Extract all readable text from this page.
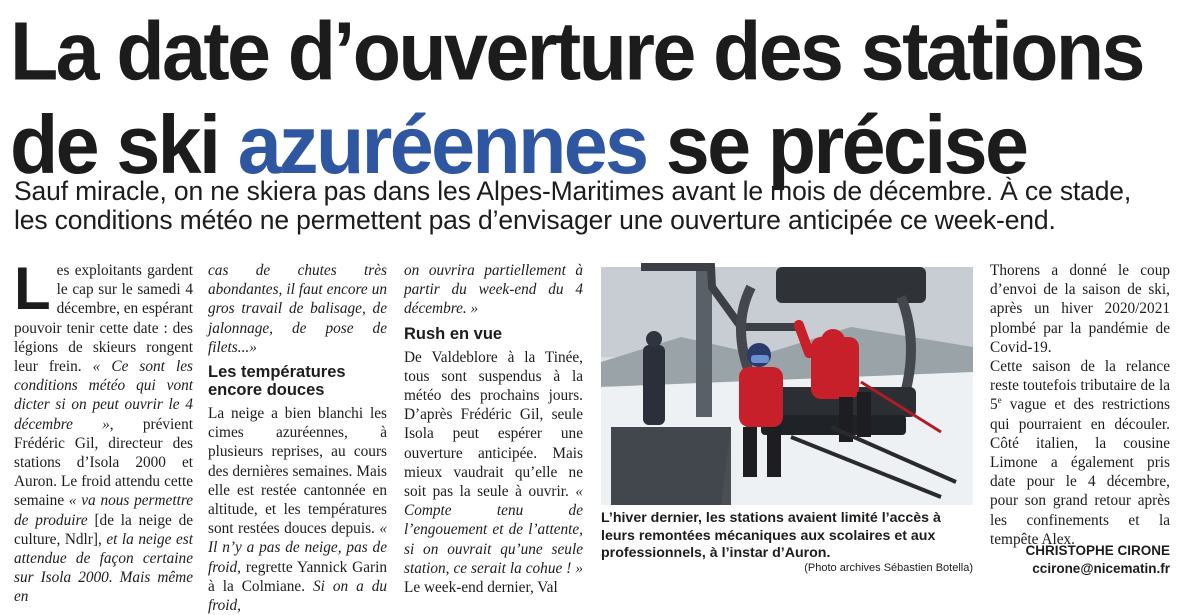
La date d’ouverture des stations
de ski azuréennes se précise
Sauf miracle, on ne skiera pas dans les Alpes-Maritimes avant le mois de décembre. À ce stade, les conditions météo ne permettent pas d’envisager une ouverture anticipée ce week-end.

Les exploitants gardent le cap sur le samedi 4 décembre, en espérant pouvoir tenir cette date : des légions de skieurs rongent leur frein. « Ce sont les conditions météo qui vont dicter si on peut ouvrir le 4 décembre », prévient Frédéric Gil, directeur des stations d’Isola 2000 et Auron. Le froid attendu cette semaine « va nous permettre de produire [de la neige de culture, Ndlr], et la neige est attendue de façon certaine sur Isola 2000. Mais même en

cas de chutes très abondantes, il faut encore un gros travail de balisage, de jalonnage, de pose de filets...»

Les températures encore douces

La neige a bien blanchi les cimes azuréennes, à plusieurs reprises, au cours des dernières semaines. Mais elle est restée cantonnée en altitude, et les températures sont restées douces depuis. « Il n’y a pas de neige, pas de froid, regrette Yannick Garin à la Colmiane. Si on a du froid,

on ouvrira partiellement à partir du week-end du 4 décembre. »

Rush en vue

De Valdeblore à la Tinée, tous sont suspendus à la météo des prochains jours. D’après Frédéric Gil, seule Isola peut espérer une ouverture anticipée. Mais mieux vaudrait qu’elle ne soit pas la seule à ouvrir. « Compte tenu de l’engouement et de l’attente, si on ouvrait qu’une seule station, ce serait la cohue ! » Le week-end dernier, Val

L’hiver dernier, les stations avaient limité l’accès à leurs remontées mécaniques aux scolaires et aux professionnels, à l’instar d’Auron.
(Photo archives Sébastien Botella)

Thorens a donné le coup d’envoi de la saison de ski, après un hiver 2020/2021 plombé par la pandémie de Covid-19.

Cette saison de la relance reste toutefois tributaire de la 5e vague et des restrictions qui pourraient en découler. Côté italien, la cousine Limone a également pris date pour le 4 décembre, pour son grand retour après les confinements et la tempête Alex.

CHRISTOPHE CIRONE
ccirone@nicematin.fr
